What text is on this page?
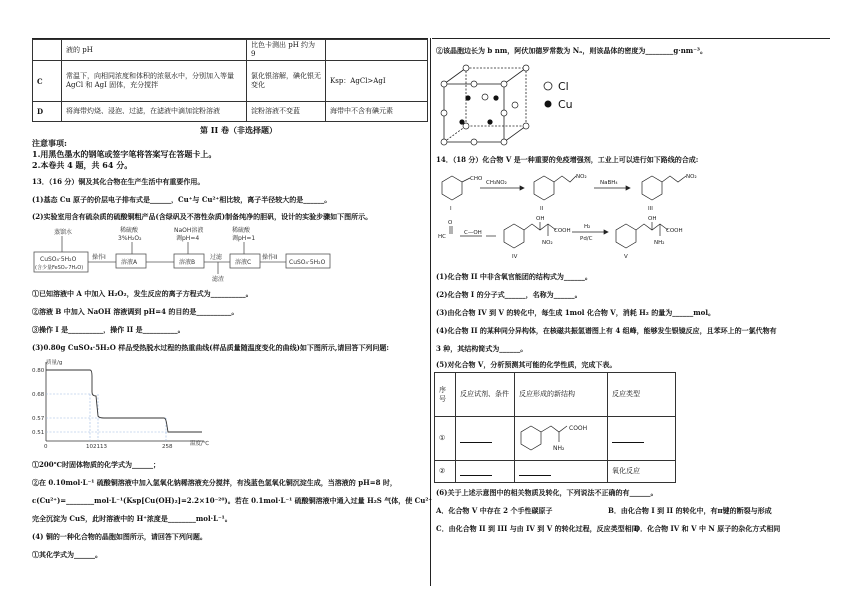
	液的 pH	比色卡测出 pH 约为 9	
C	常温下，向相同浓度和体积的浓氨水中，分别加入等量 AgCl 和 AgI 固体，充分搅拌	氯化银溶解，碘化银无变化	Ksp：AgCl>AgI
D	将海带灼烧、浸泡、过滤，在滤液中滴加淀粉溶液	淀粉溶液不变蓝	海带中不含有碘元素
第 II 卷（非选择题）
注意事项:
1.用黑色墨水的钢笔或签字笔将答案写在答题卡上。
2.本卷共 4 题，共 64 分。
13．（16 分）铜及其化合物在生产生活中有重要作用。
(1)基态 Cu 原子的价层电子排布式是______，Cu⁺与 Cu²⁺相比较，离子半径较大的是______。
(2)实验室用含有硫杂质的硫酸铜粗产品(含绿矾及不溶性杂质)制备纯净的胆矾，设计的实验步骤如下图所示。
蒸馏水
CuSO₄·5H₂O
(含少量FeSO₄·7H₂O)
操作I
稀硫酸
3%H₂O₂
溶液A
NaOH溶液
调pH=4
溶液B
过滤
滤渣
稀硫酸
调pH=1
溶液C
操作II
CuSO₄·5H₂O
①已知溶液中 A 中加入 H₂O₂，发生反应的离子方程式为__________。
②溶液 B 中加入 NaOH 溶液调到 pH=4 的目的是__________。
③操作 I 是__________，操作 II 是__________。
(3)0.80g CuSO₄·5H₂O 样品受热脱水过程的热重曲线(样品质量随温度变化的曲线)如下图所示,请回答下列问题:
质量/g
温度/℃
0.80
0.68
0.57
0.51
0	102113	258
①200℃时固体物质的化学式为______；
②在 0.10mol·L⁻¹ 硫酸铜溶液中加入氢氧化钠稀溶液充分搅拌，有浅蓝色氢氧化铜沉淀生成，当溶液的 pH=8 时，
c(Cu²⁺)=________mol·L⁻¹(Ksp[Cu(OH)₂]=2.2×10⁻²⁰)。若在 0.1mol·L⁻¹ 硫酸铜溶液中通入过量 H₂S 气体，使 Cu²⁺
完全沉淀为 CuS，此时溶液中的 H⁺浓度是________mol·L⁻¹。
(4) 铜的一种化合物的晶胞如图所示，请回答下列问题。
①其化学式为______。
②该晶胞边长为 b nm，阿伏加德罗常数为 Nₐ，则该晶体的密度为________g·nm⁻³。
Cl
Cu
14．（18 分）化合物 V 是一种重要的免疫增强剂，工业上可以进行如下路线的合成:
CHO
CH₃NO₂
NO₂
NaBH₄
NO₂
I	II	III
O
HC
C—OH
OH
COOH
NO₂
H₂
Pd/C
OH
COOH
NH₂
IV	V
(1)化合物 II 中非含氧官能团的结构式为______。
(2)化合物 I 的分子式______，名称为______。
(3)由化合物 IV 到 V 的转化中，每生成 1mol 化合物 V，消耗 H₂ 的量为______mol。
(4)化合物 II 的某种同分异构体，在核磁共振氢谱图上有 4 组峰，能够发生银镜反应，且苯环上的一氯代物有
3 种，其结构简式为______。
(5)对化合物 V，分析预测其可能的化学性质，完成下表。
序号	反应试剂、条件	反应形成的新结构	反应类型
①		COOH
NH₂	

②			氧化反应
(6)关于上述示意图中的相关物质及转化，下列说法不正确的有______。
A．化合物 V 中存在 2 个手性碳原子	B．由化合物 I 到 II 的转化中，有π键的断裂与形成
C．由化合物 II 到 III 与由 IV 到 V 的转化过程，反应类型相同
D．化合物 IV 和 V 中 N 原子的杂化方式相同
